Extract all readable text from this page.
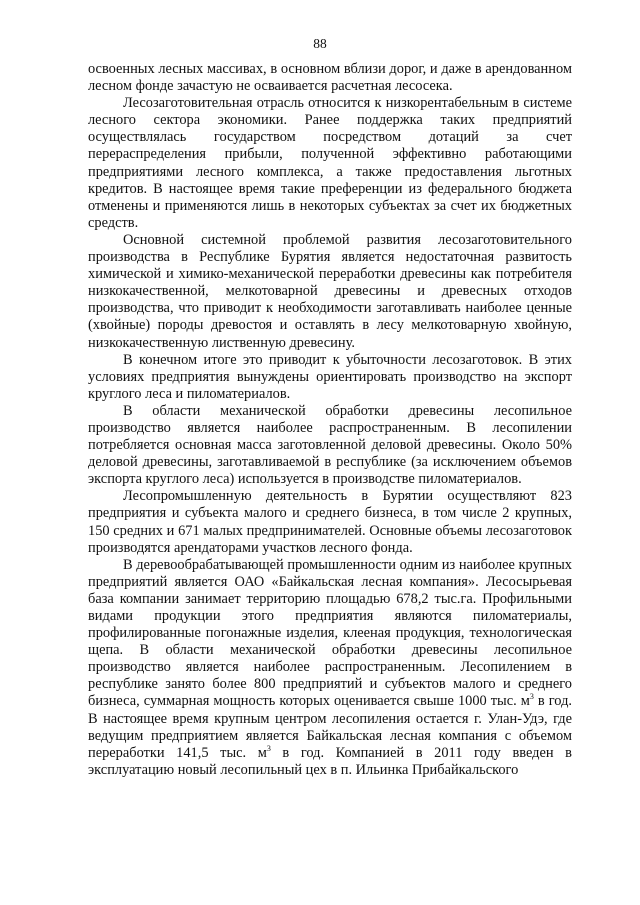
88

освоенных лесных массивах, в основном вблизи дорог, и даже в арендованном лесном фонде зачастую не осваивается расчетная лесосека.

Лесозаготовительная отрасль относится к низкорентабельным в системе лесного сектора экономики. Ранее поддержка таких предприятий осуществлялась государством посредством дотаций за счет перераспределения прибыли, полученной эффективно работающими предприятиями лесного комплекса, а также предоставления льготных кредитов. В настоящее время такие преференции из федерального бюджета отменены и применяются лишь в некоторых субъектах за счет их бюджетных средств.

Основной системной проблемой развития лесозаготовительного производства в Республике Бурятия является недостаточная развитость химической и химико-механической переработки древесины как потребителя низкокачественной, мелкотоварной древесины и древесных отходов производства, что приводит к необходимости заготавливать наиболее ценные (хвойные) породы древостоя и оставлять в лесу мелкотоварную хвойную, низкокачественную лиственную древесину.

В конечном итоге это приводит к убыточности лесозаготовок. В этих условиях предприятия вынуждены ориентировать производство на экспорт круглого леса и пиломатериалов.

В области механической обработки древесины лесопильное производство является наиболее распространенным. В лесопилении потребляется основная масса заготовленной деловой древесины. Около 50% деловой древесины, заготавливаемой в республике (за исключением объемов экспорта круглого леса) используется в производстве пиломатериалов.

Лесопромышленную деятельность в Бурятии осуществляют 823 предприятия и субъекта малого и среднего бизнеса, в том числе 2 крупных, 150 средних и 671 малых предпринимателей. Основные объемы лесозаготовок производятся арендаторами участков лесного фонда.

В деревообрабатывающей промышленности одним из наиболее крупных предприятий является ОАО «Байкальская лесная компания». Лесосырьевая база компании занимает территорию площадью 678,2 тыс.га. Профильными видами продукции этого предприятия являются пиломатериалы, профилированные погонажные изделия, клееная продукция, технологическая щепа. В области механической обработки древесины лесопильное производство является наиболее распространенным. Лесопилением в республике занято более 800 предприятий и субъектов малого и среднего бизнеса, суммарная мощность которых оценивается свыше 1000 тыс. $м^3$ в год. В настоящее время крупным центром лесопиления остается г. Улан-Удэ, где ведущим предприятием является Байкальская лесная компания с объемом переработки 141,5 тыс. $м^3$ в год. Компанией в 2011 году введен в эксплуатацию новый лесопильный цех в п. Ильинка Прибайкальского
